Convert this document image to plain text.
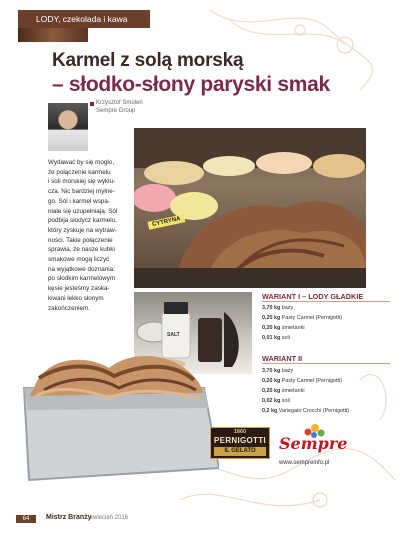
LODY, czekolada i kawa
Karmel z solą morską
– słodko-słony paryski smak
Krzysztof Smoleń
Sempre Group

Wydawać by się mogło,

że połączenie karmelu

i soli morskiej się wyklu-

cza. Nic bardziej myłne-

go. Sól i karmel wspa-

niale się uzupełniają. Sól

podbija słodycz karmelu,

który zyskuje na wytraw-

ności. Takie połączenie

sprawia, że nasze kubki

smakowe mogą liczyć

na wyjątkowe doznania:

po słodkim karmelowym

kęsie jesteśmy zaska-

kiwani lekko słonym

zakończeniem.

CYTRYNA
SALT
WARIANT I – LODY GŁADKIE
3,70 kg bazy
0,20 kg Pasty Carmel (Pernigotti)
0,20 kg śmietanki
0,01 kg soli
WARIANT II
3,70 kg bazy
0,20 kg Pasty Carmel (Pernigotti)
0,20 kg śmietanki
0,02 kg soli
0,2 kg Variegato Crocchi (Pernigotti)
1860
PERNIGOTTI
IL GELATO	Sempre
www.sempreinfo.pl
64	Mistrz Branży
kwiecień 2016
